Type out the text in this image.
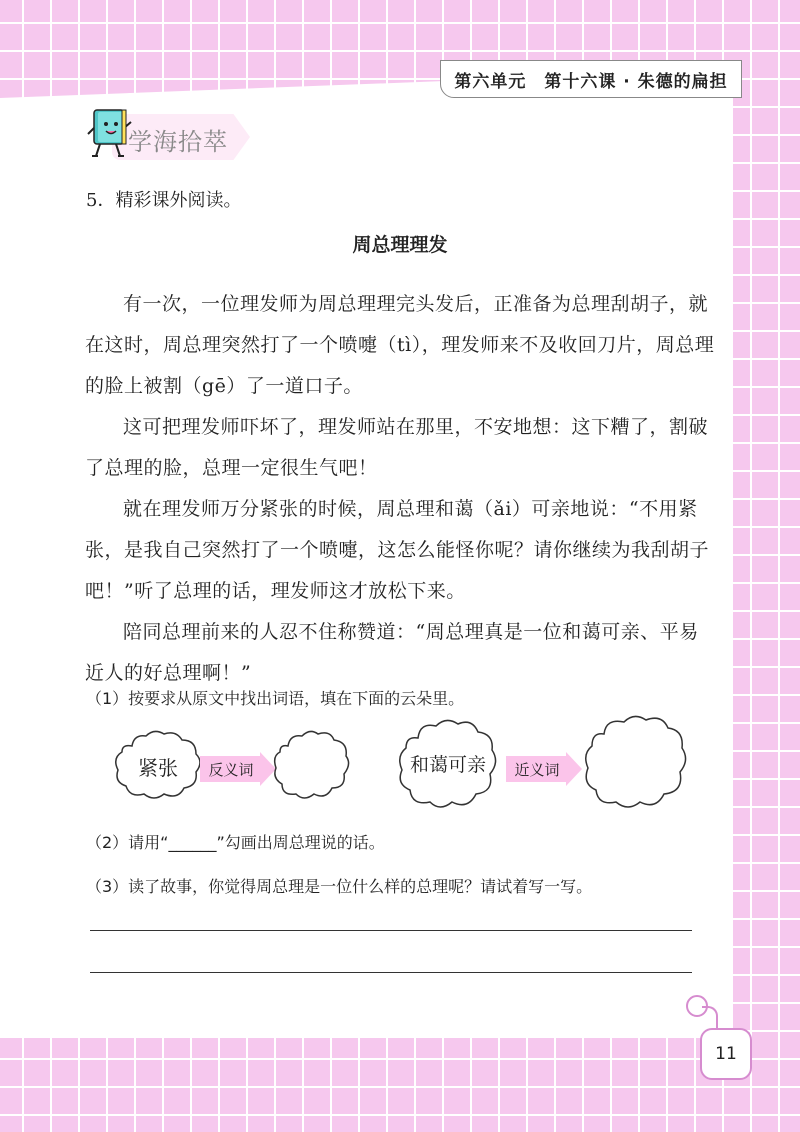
第六单元　第十六课 · 朱德的扁担
学海拾萃
5．精彩课外阅读。
周总理理发

有一次，一位理发师为周总理理完头发后，正准备为总理刮胡子，就在这时，周总理突然打了一个喷嚏（tì），理发师来不及收回刀片，周总理的脸上被割（gē）了一道口子。

这可把理发师吓坏了，理发师站在那里，不安地想：这下糟了，割破了总理的脸，总理一定很生气吧！

就在理发师万分紧张的时候，周总理和蔼（ǎi）可亲地说：“不用紧张，是我自己突然打了一个喷嚏，这怎么能怪你呢？请你继续为我刮胡子吧！”听了总理的话，理发师这才放松下来。

陪同总理前来的人忍不住称赞道：“周总理真是一位和蔼可亲、平易近人的好总理啊！”

（1）按要求从原文中找出词语，填在下面的云朵里。
紧张	反义词	和蔼可亲	近义词
（2）请用“______”勾画出周总理说的话。
（3）读了故事，你觉得周总理是一位什么样的总理呢？请试着写一写。
11
